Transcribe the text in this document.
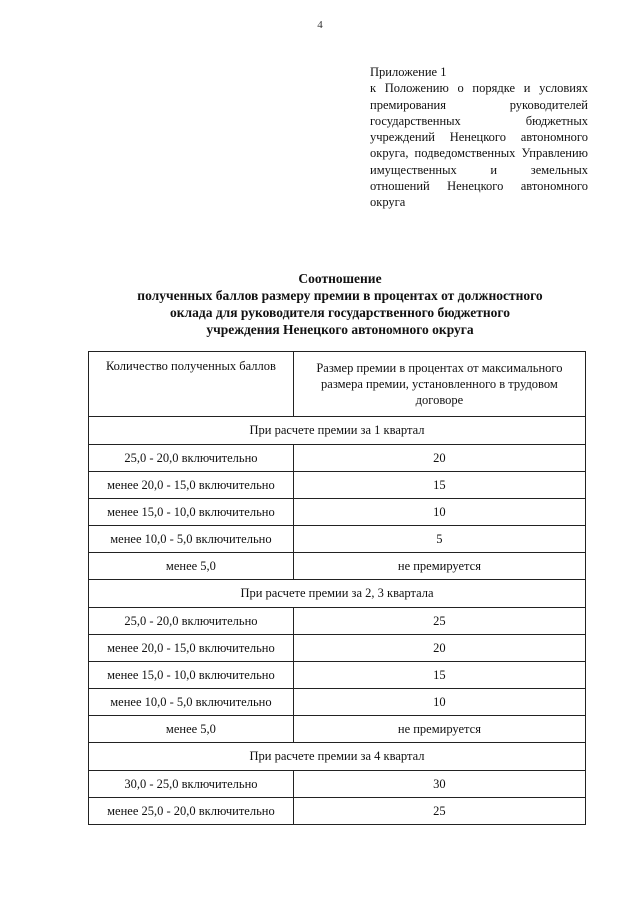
4
Приложение 1
к Положению о порядке и условиях премирования руководителей государственных бюджетных учреждений Ненецкого автономного округа, подведомственных Управлению имущественных и земельных отношений Ненецкого автономного округа
Соотношение
полученных баллов размеру премии в процентах от должностного
оклада для руководителя государственного бюджетного
учреждения Ненецкого автономного округа
Количество полученных баллов	Размер премии в процентах от максимального размера премии, установленного в трудовом договоре
При расчете премии за 1 квартал	
25,0 - 20,0 включительно	20
менее 20,0 - 15,0 включительно	15
менее 15,0 - 10,0 включительно	10
менее 10,0 - 5,0 включительно	5
менее 5,0	не премируется
При расчете премии за 2, 3 квартала	
25,0 - 20,0 включительно	25
менее 20,0 - 15,0 включительно	20
менее 15,0 - 10,0 включительно	15
менее 10,0 - 5,0 включительно	10
менее 5,0	не премируется
При расчете премии за 4 квартал	
30,0 - 25,0 включительно	30
менее 25,0 - 20,0 включительно	25
